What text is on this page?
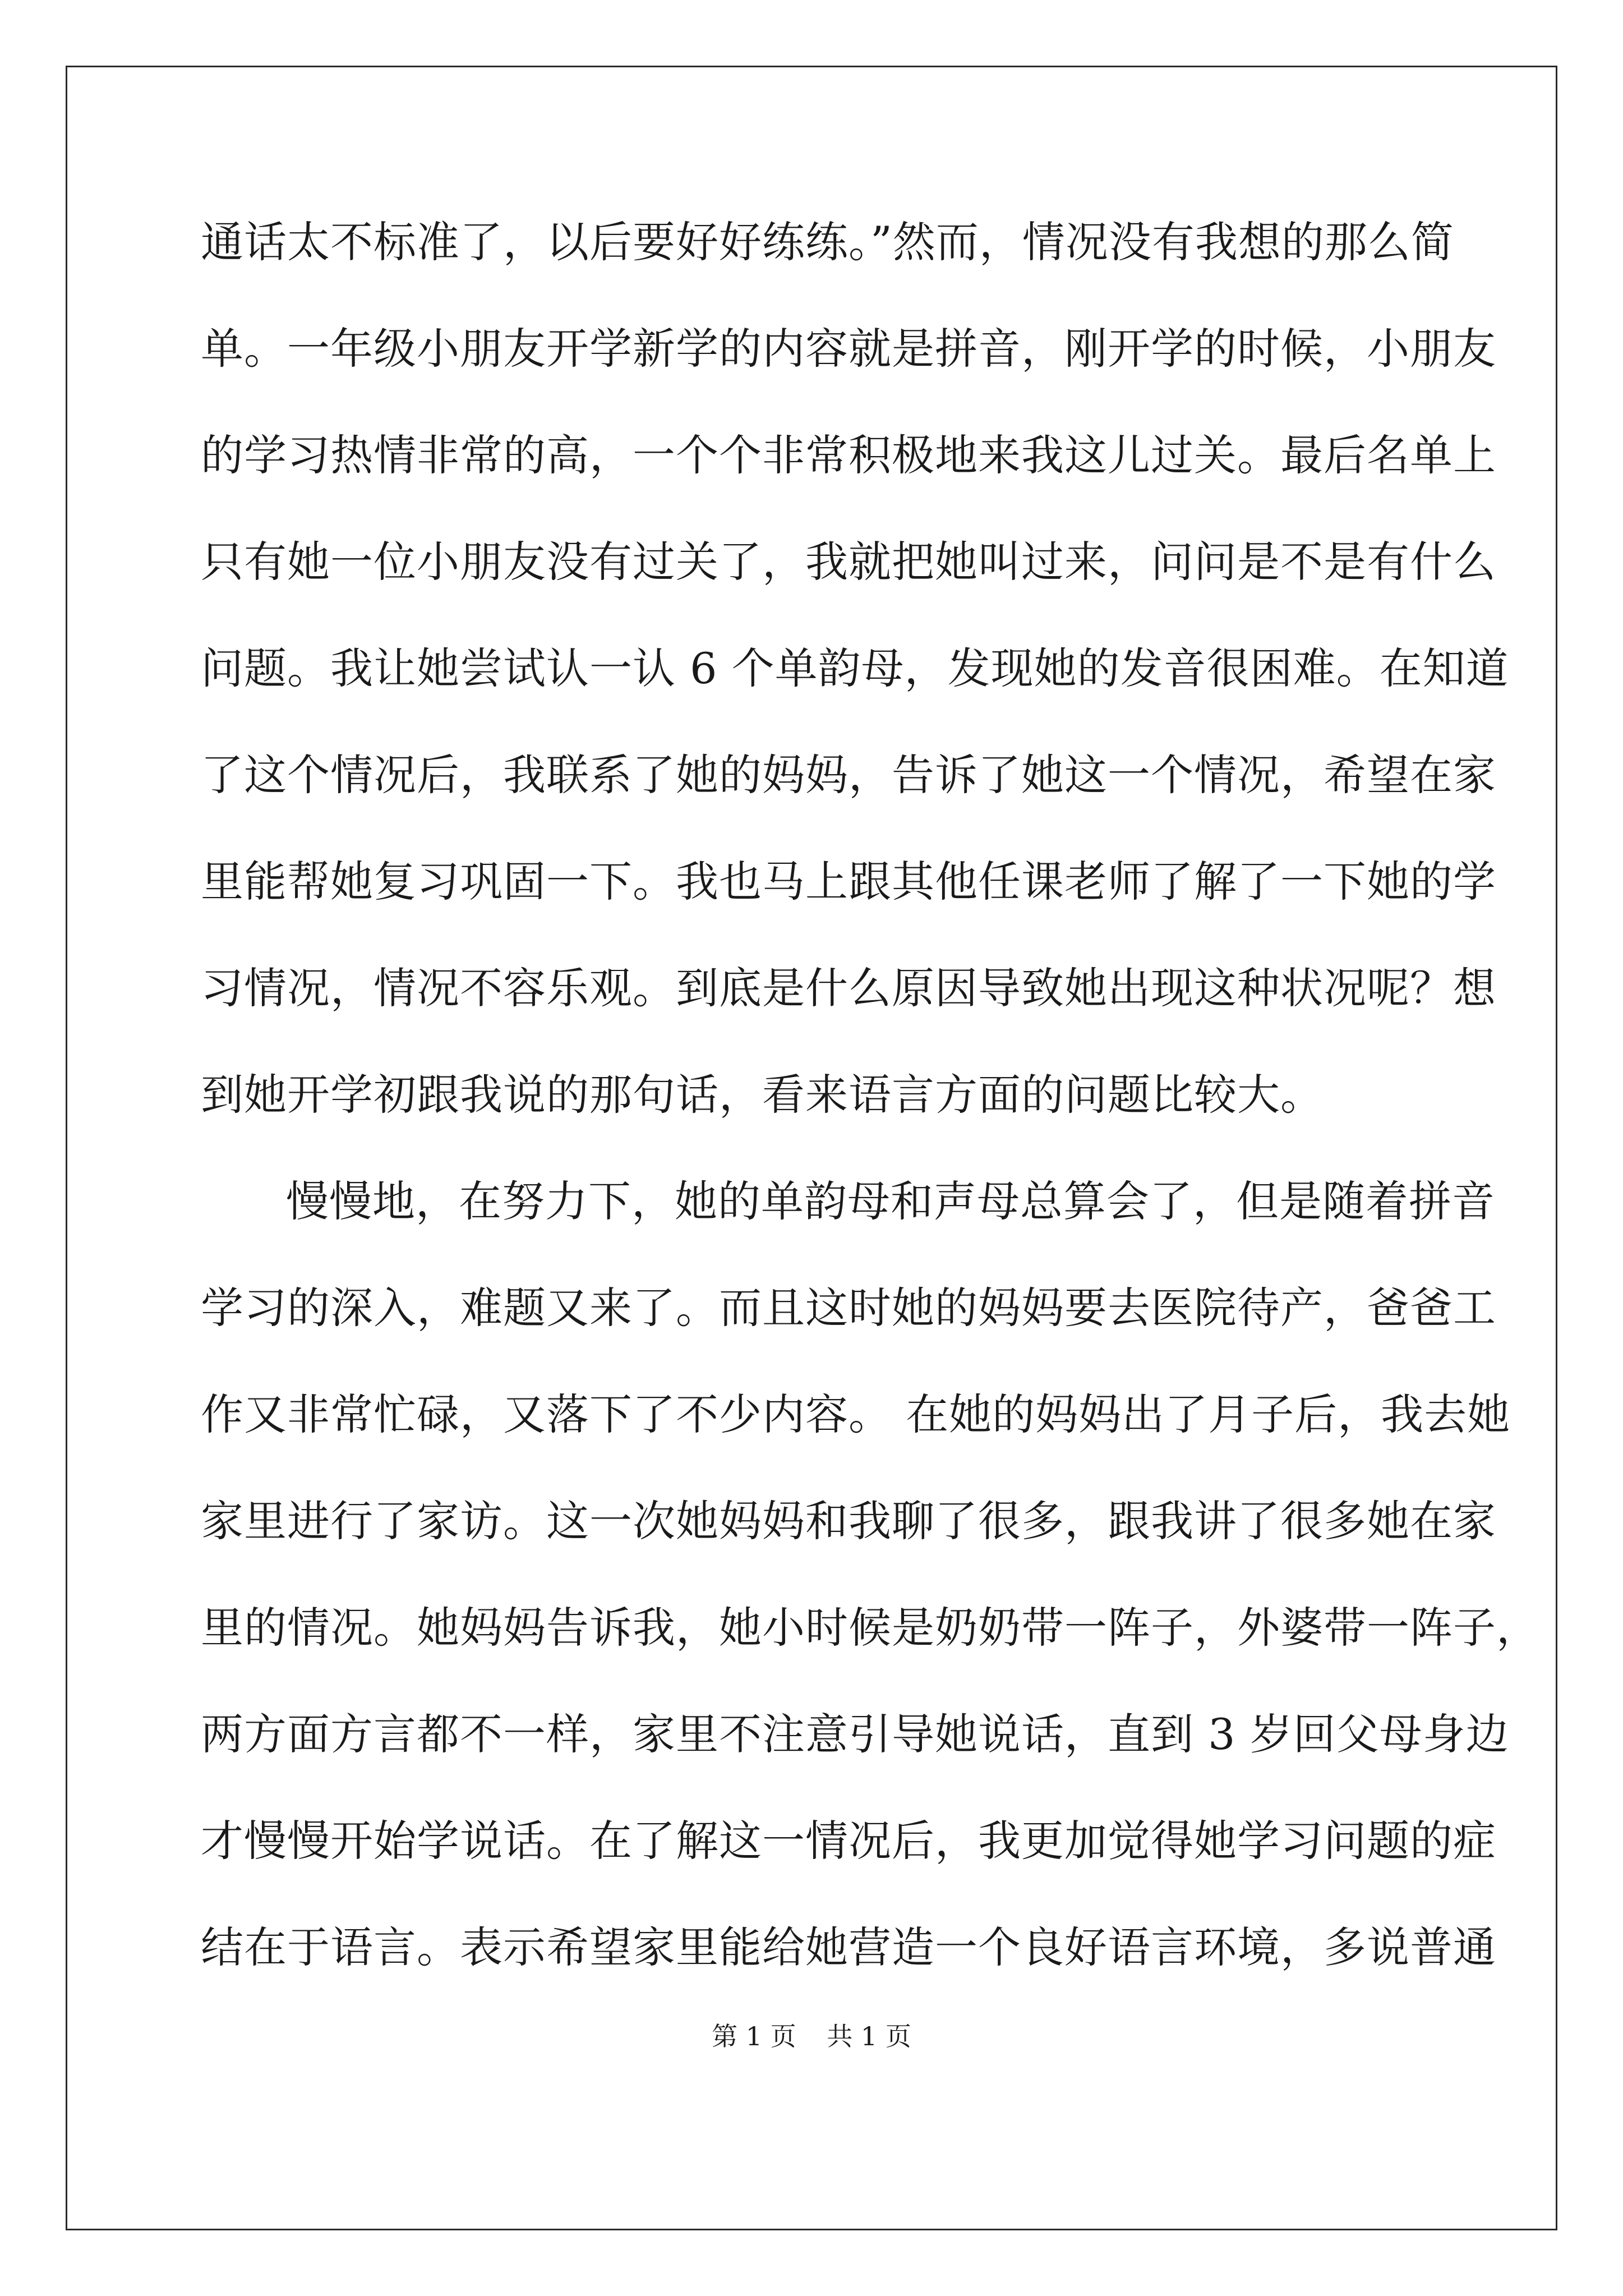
通话太不标准了，以后要好好练练。”然而，情况没有我想的那么简
单。一年级小朋友开学新学的内容就是拼音，刚开学的时候，小朋友
的学习热情非常的高，一个个非常积极地来我这儿过关。最后名单上
只有她一位小朋友没有过关了，我就把她叫过来，问问是不是有什么
问题。我让她尝试认一认 6 个单韵母，发现她的发音很困难。在知道
了这个情况后，我联系了她的妈妈，告诉了她这一个情况，希望在家
里能帮她复习巩固一下。我也马上跟其他任课老师了解了一下她的学
习情况，情况不容乐观。到底是什么原因导致她出现这种状况呢？想
到她开学初跟我说的那句话，看来语言方面的问题比较大。
慢慢地，在努力下，她的单韵母和声母总算会了，但是随着拼音
学习的深入，难题又来了。而且这时她的妈妈要去医院待产，爸爸工
作又非常忙碌，又落下了不少内容。 在她的妈妈出了月子后，我去她
家里进行了家访。这一次她妈妈和我聊了很多，跟我讲了很多她在家
里的情况。她妈妈告诉我，她小时候是奶奶带一阵子，外婆带一阵子，
两方面方言都不一样，家里不注意引导她说话，直到 3 岁回父母身边
才慢慢开始学说话。在了解这一情况后，我更加觉得她学习问题的症
结在于语言。表示希望家里能给她营造一个良好语言环境，多说普通
第 1 页 共 1 页
